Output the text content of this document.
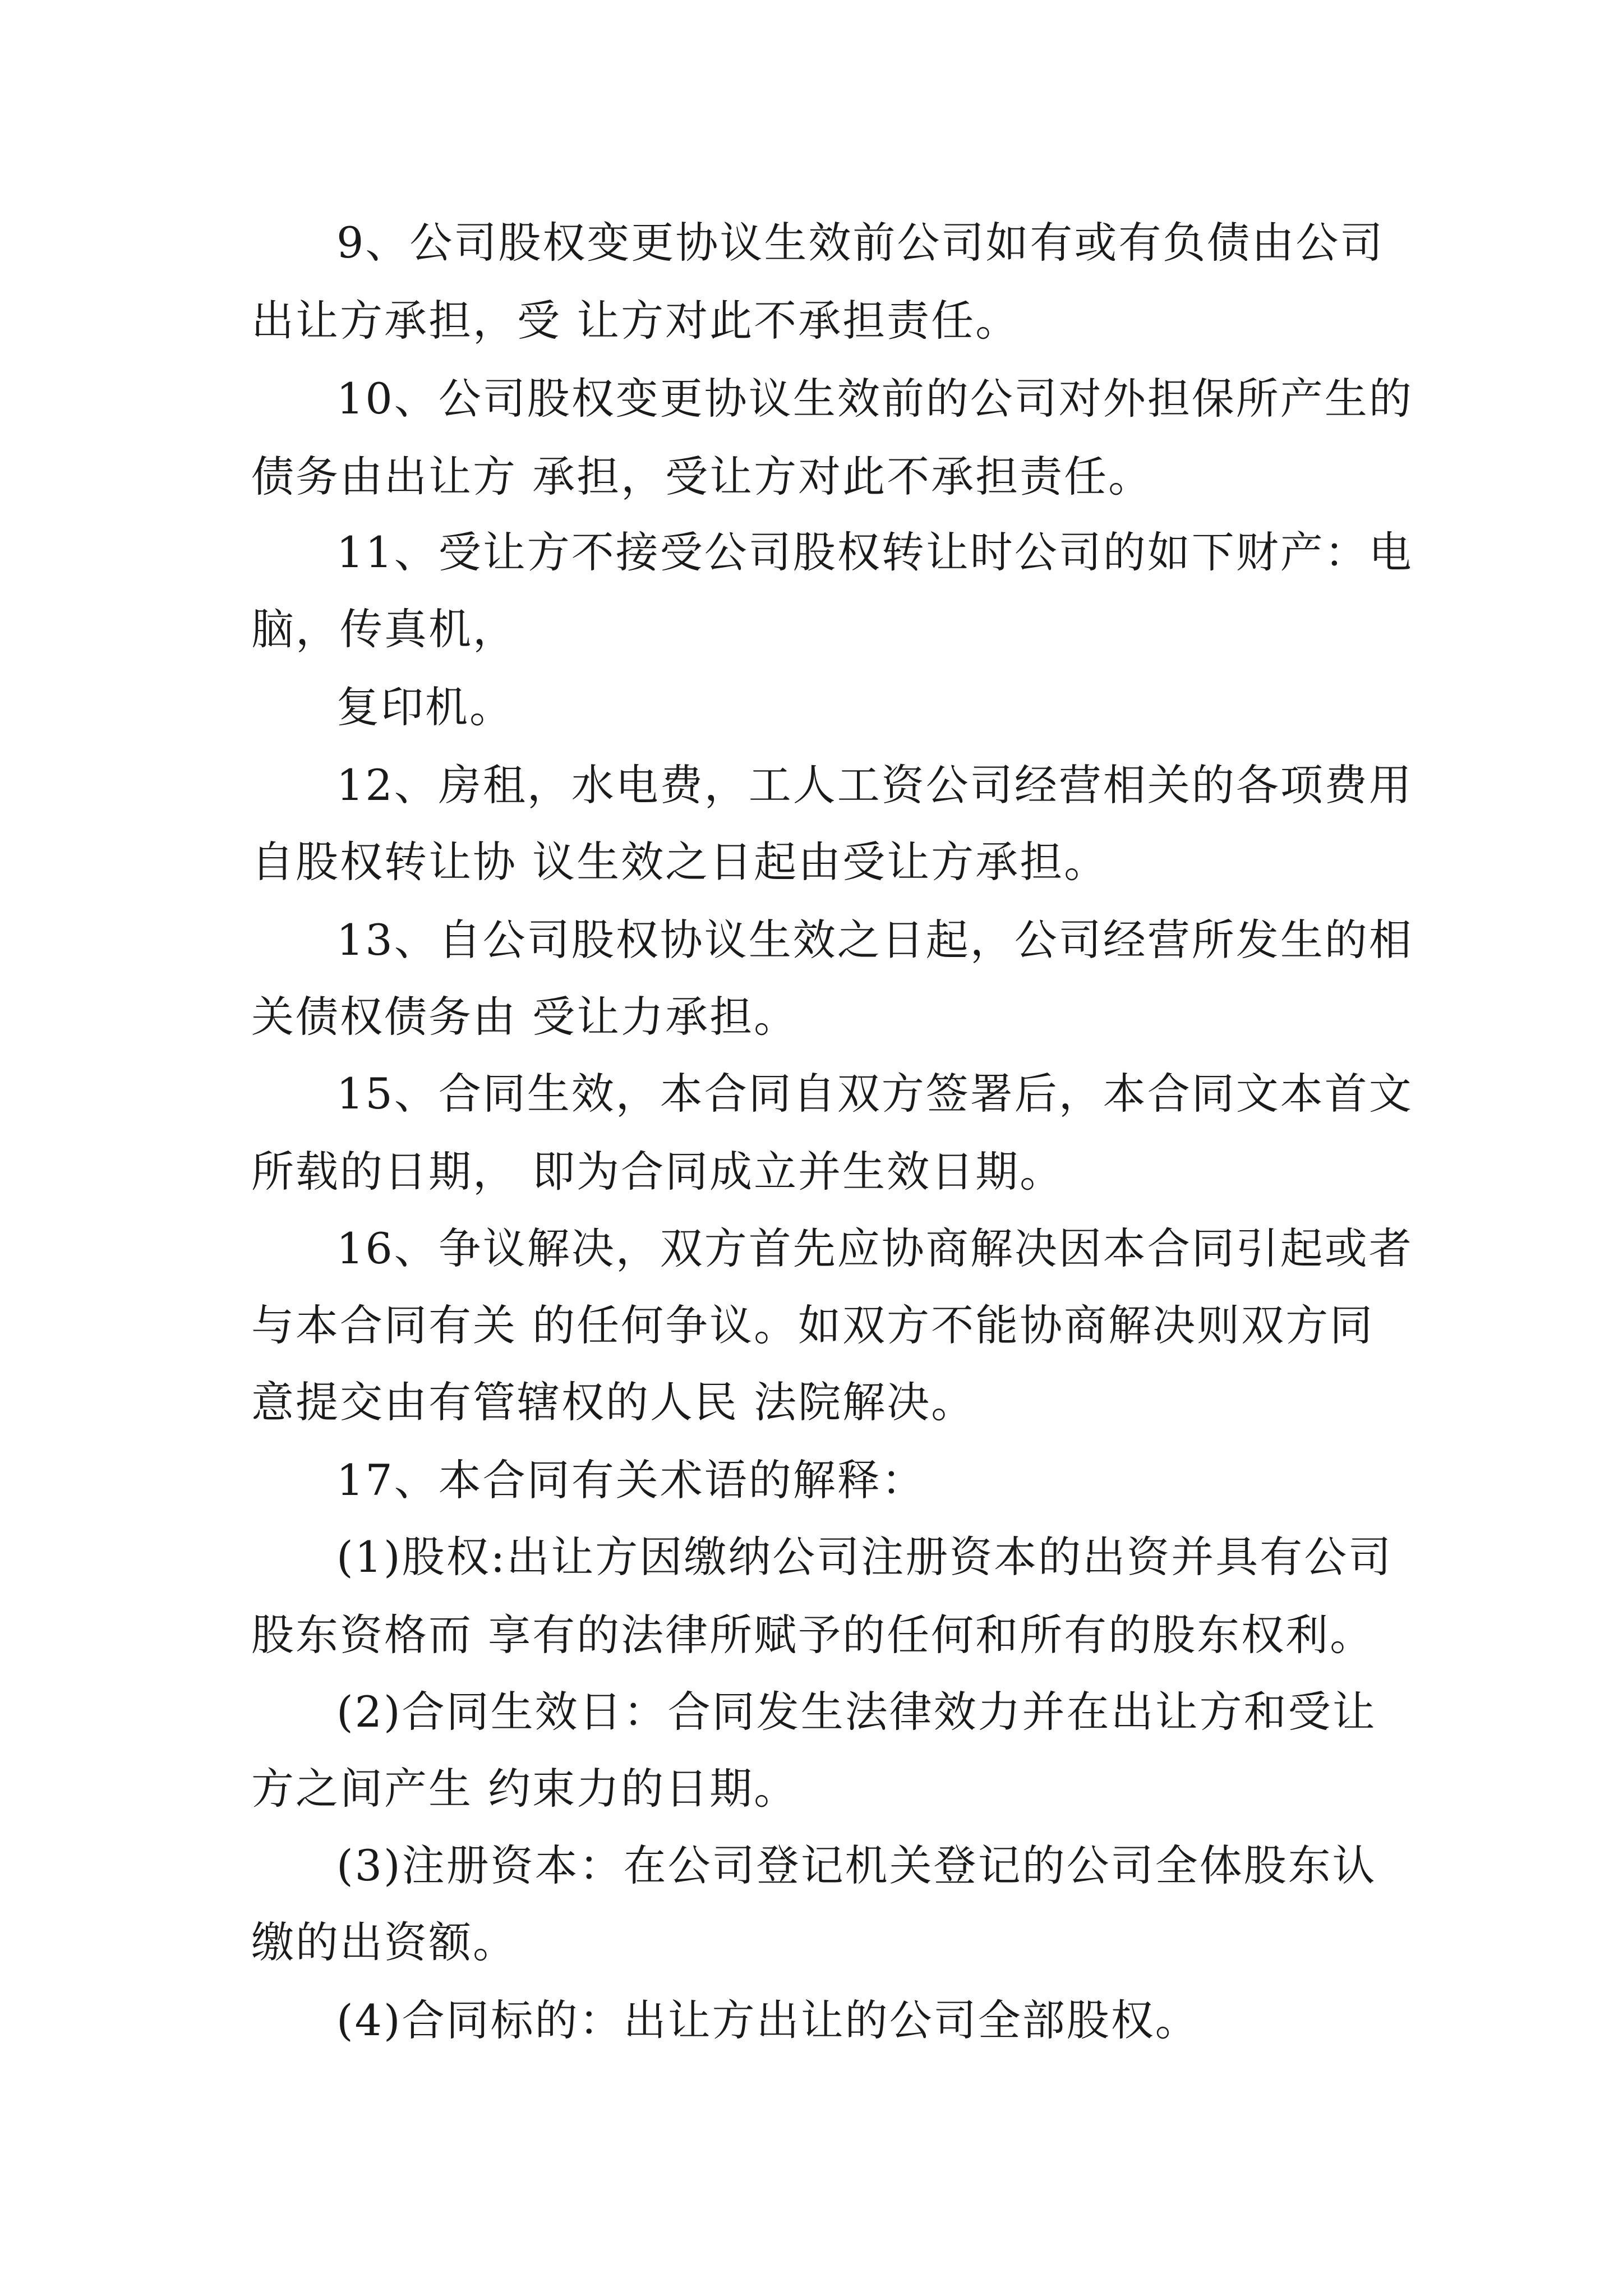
9、公司股权变更协议生效前公司如有或有负债由公司

出让方承担，受 让方对此不承担责任。

10、公司股权变更协议生效前的公司对外担保所产生的

债务由出让方 承担，受让方对此不承担责任。

11、受让方不接受公司股权转让时公司的如下财产：电

脑，传真机，

复印机。

12、房租，水电费，工人工资公司经营相关的各项费用

自股权转让协 议生效之日起由受让方承担。

13、自公司股权协议生效之日起，公司经营所发生的相

关债权债务由 受让力承担。

15、合同生效，本合同自双方签署后，本合同文本首文

所载的日期， 即为合同成立并生效日期。

16、争议解决，双方首先应协商解决因本合同引起或者

与本合同有关 的任何争议。如双方不能协商解决则双方同

意提交由有管辖权的人民 法院解决。

17、本合同有关术语的解释：

(1)股权:出让方因缴纳公司注册资本的出资并具有公司

股东资格而 享有的法律所赋予的任何和所有的股东权利。

(2)合同生效日：合同发生法律效力并在出让方和受让

方之间产生 约束力的日期。

(3)注册资本：在公司登记机关登记的公司全体股东认

缴的出资额。

(4)合同标的：出让方出让的公司全部股权。
